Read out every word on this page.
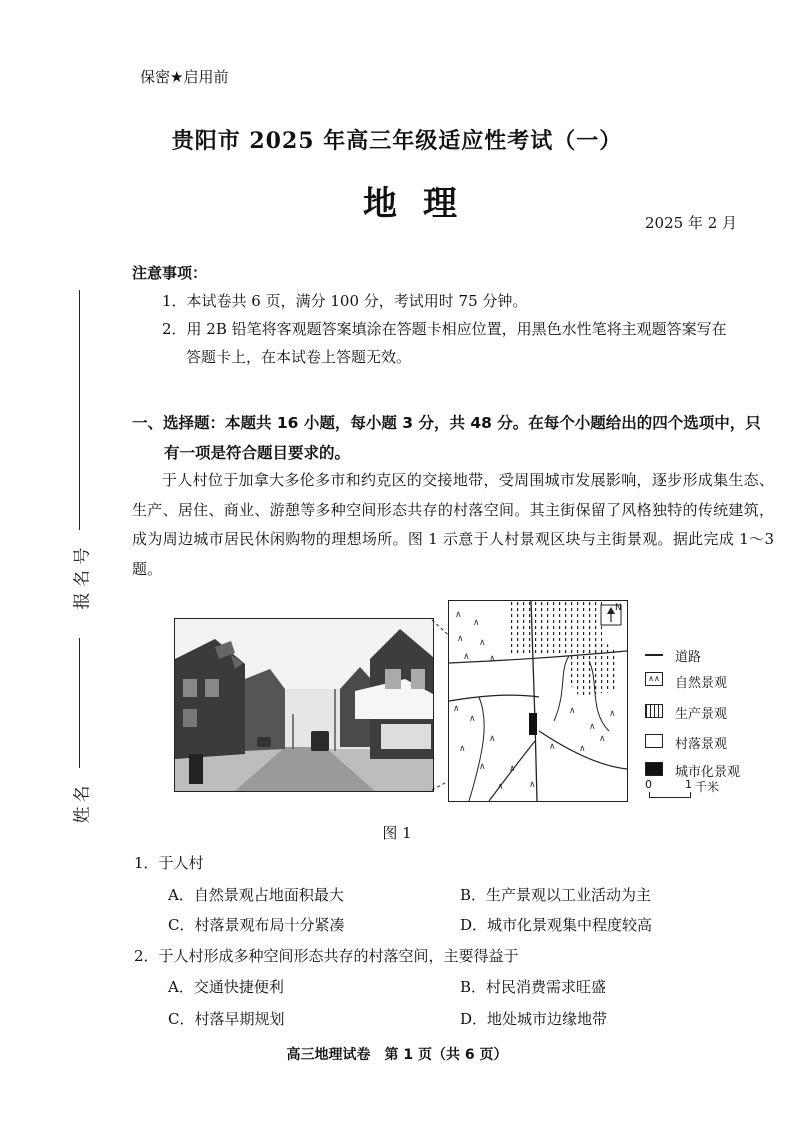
保密★启用前
贵阳市 2025 年高三年级适应性考试（一）
地理	2025 年 2 月
报 名 号
姓名
注意事项：
1．本试卷共 6 页，满分 100 分，考试用时 75 分钟。
2．用 2B 铅笔将客观题答案填涂在答题卡相应位置，用黑色水性笔将主观题答案写在
答题卡上，在本试卷上答题无效。
一、选择题：本题共 16 小题，每小题 3 分，共 48 分。在每个小题给出的四个选项中，只
有一项是符合题目要求的。
于人村位于加拿大多伦多市和约克区的交接地带，受周围城市发展影响，逐步形成集生态、生产、居住、商业、游憩等多种空间形态共存的村落空间。其主街保留了风格独特的传统建筑，成为周边城市居民休闲购物的理想场所。图 1 示意于人村景观区块与主街景观。据此完成 1～3 题。
∧
∧
∧ ∧
∧ ∧
∧
∧
∧
∧
∧	∧
∧	∧
∧
∧
∧	∧
∧
∧
N
道路
∧∧ 自然景观
生产景观
村落景观
城市化景观
0	1 千米
图 1
1．于人村
A．自然景观占地面积最大	B．生产景观以工业活动为主
C．村落景观布局十分紧凑	D．城市化景观集中程度较高
2．于人村形成多种空间形态共存的村落空间，主要得益于
A．交通快捷便利	B．村民消费需求旺盛
C．村落早期规划	D．地处城市边缘地带
高三地理试卷　第 1 页（共 6 页）
